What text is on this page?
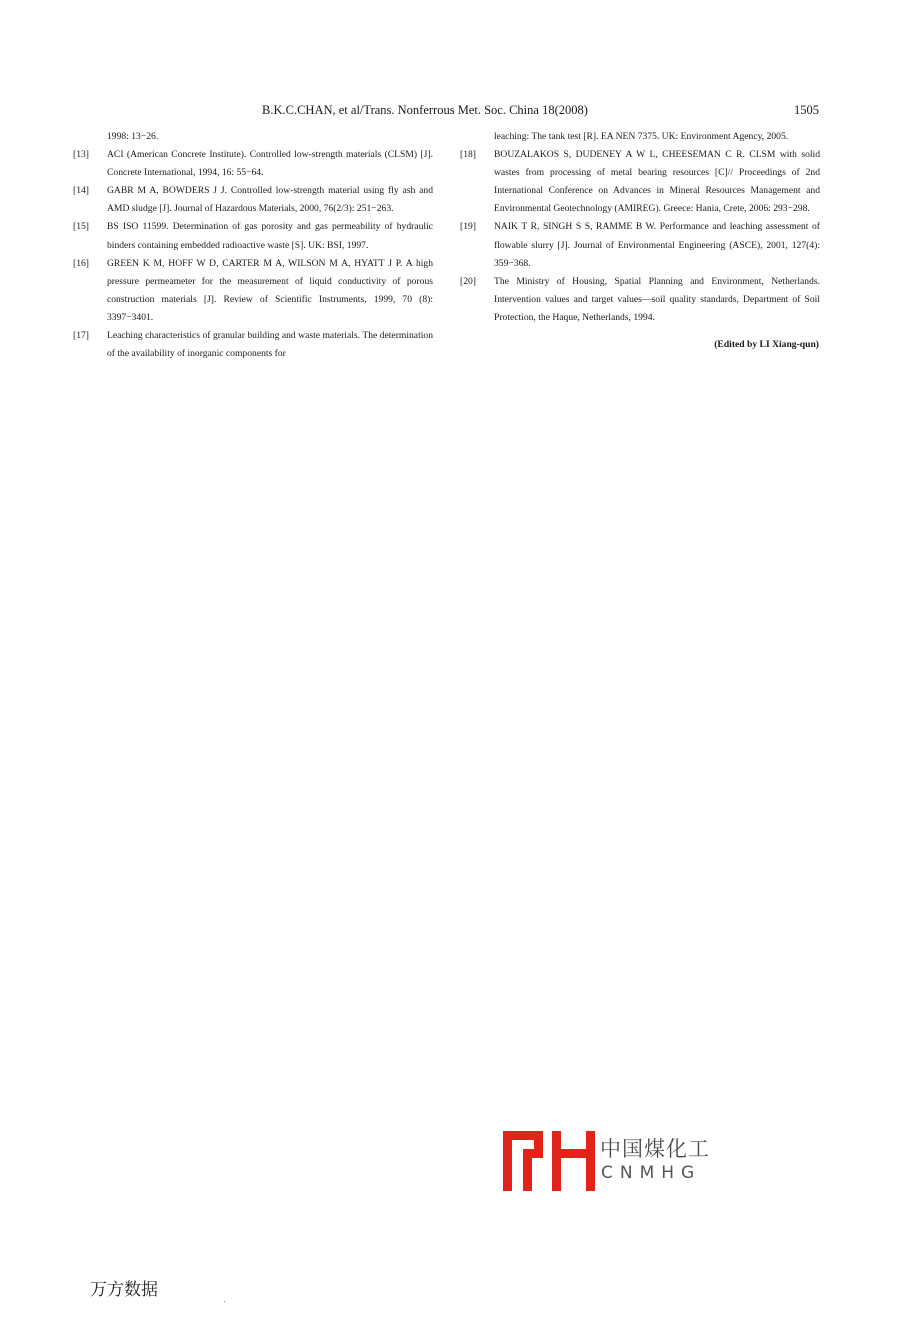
B.K.C.CHAN, et al/Trans. Nonferrous Met. Soc. China 18(2008)	1505
1998: 13−26.
[13] ACI (American Concrete Institute). Controlled low-strength materials (CLSM) [J]. Concrete International, 1994, 16: 55−64.
[14] GABR M A, BOWDERS J J. Controlled low-strength material using fly ash and AMD sludge [J]. Journal of Hazardous Materials, 2000, 76(2/3): 251−263.
[15] BS ISO 11599. Determination of gas porosity and gas permeability of hydraulic binders containing embedded radioactive waste [S]. UK: BSI, 1997.
[16] GREEN K M, HOFF W D, CARTER M A, WILSON M A, HYATT J P. A high pressure permeameter for the measurement of liquid conductivity of porous construction materials [J]. Review of Scientific Instruments, 1999, 70 (8): 3397−3401.
[17] Leaching characteristics of granular building and waste materials. The determination of the availability of inorganic components for
leaching: The tank test [R]. EA NEN 7375. UK: Environment Agency, 2005.
[18] BOUZALAKOS S, DUDENEY A W L, CHEESEMAN C R. CLSM with solid wastes from processing of metal bearing resources [C]// Proceedings of 2nd International Conference on Advances in Mineral Resources Management and Environmental Geotechnology (AMIREG). Greece: Hania, Crete, 2006: 293−298.
[19] NAIK T R, SINGH S S, RAMME B W. Performance and leaching assessment of flowable slurry [J]. Journal of Environmental Engineering (ASCE), 2001, 127(4): 359−368.
[20] The Ministry of Housing, Spatial Planning and Environment, Netherlands. Intervention values and target values—soil quality standards, Department of Soil Protection, the Haque, Netherlands, 1994.
(Edited by LI Xiang-qun)
中国煤化工
CNMHG
万方数据
